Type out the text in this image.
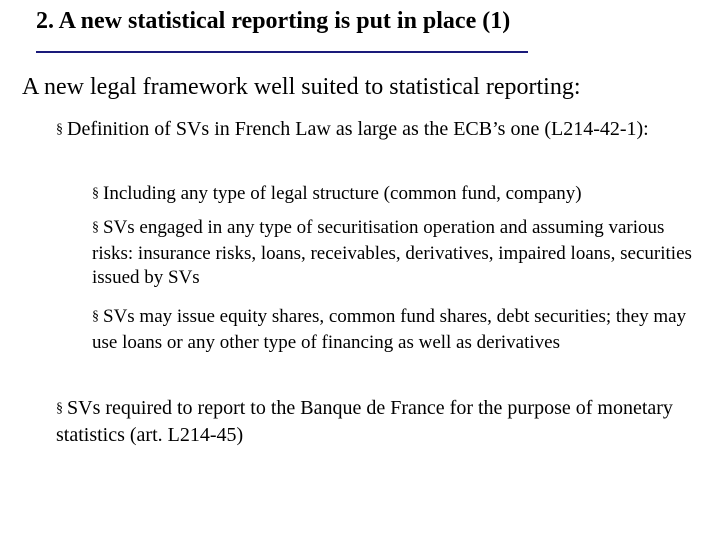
2. A new statistical reporting is put in place (1)
A new legal framework well suited to statistical reporting:
§ Definition of SVs in French Law as large as the ECB’s one (L214-42-1):
§ Including any type of legal structure (common fund, company)
§ SVs engaged in any type of securitisation operation and assuming various risks: insurance risks, loans, receivables, derivatives, impaired loans, securities issued by SVs
§ SVs may issue equity shares, common fund shares, debt securities; they may use loans or any other type of financing as well as derivatives
§ SVs required to report to the Banque de France for the purpose of monetary statistics (art. L214-45)
